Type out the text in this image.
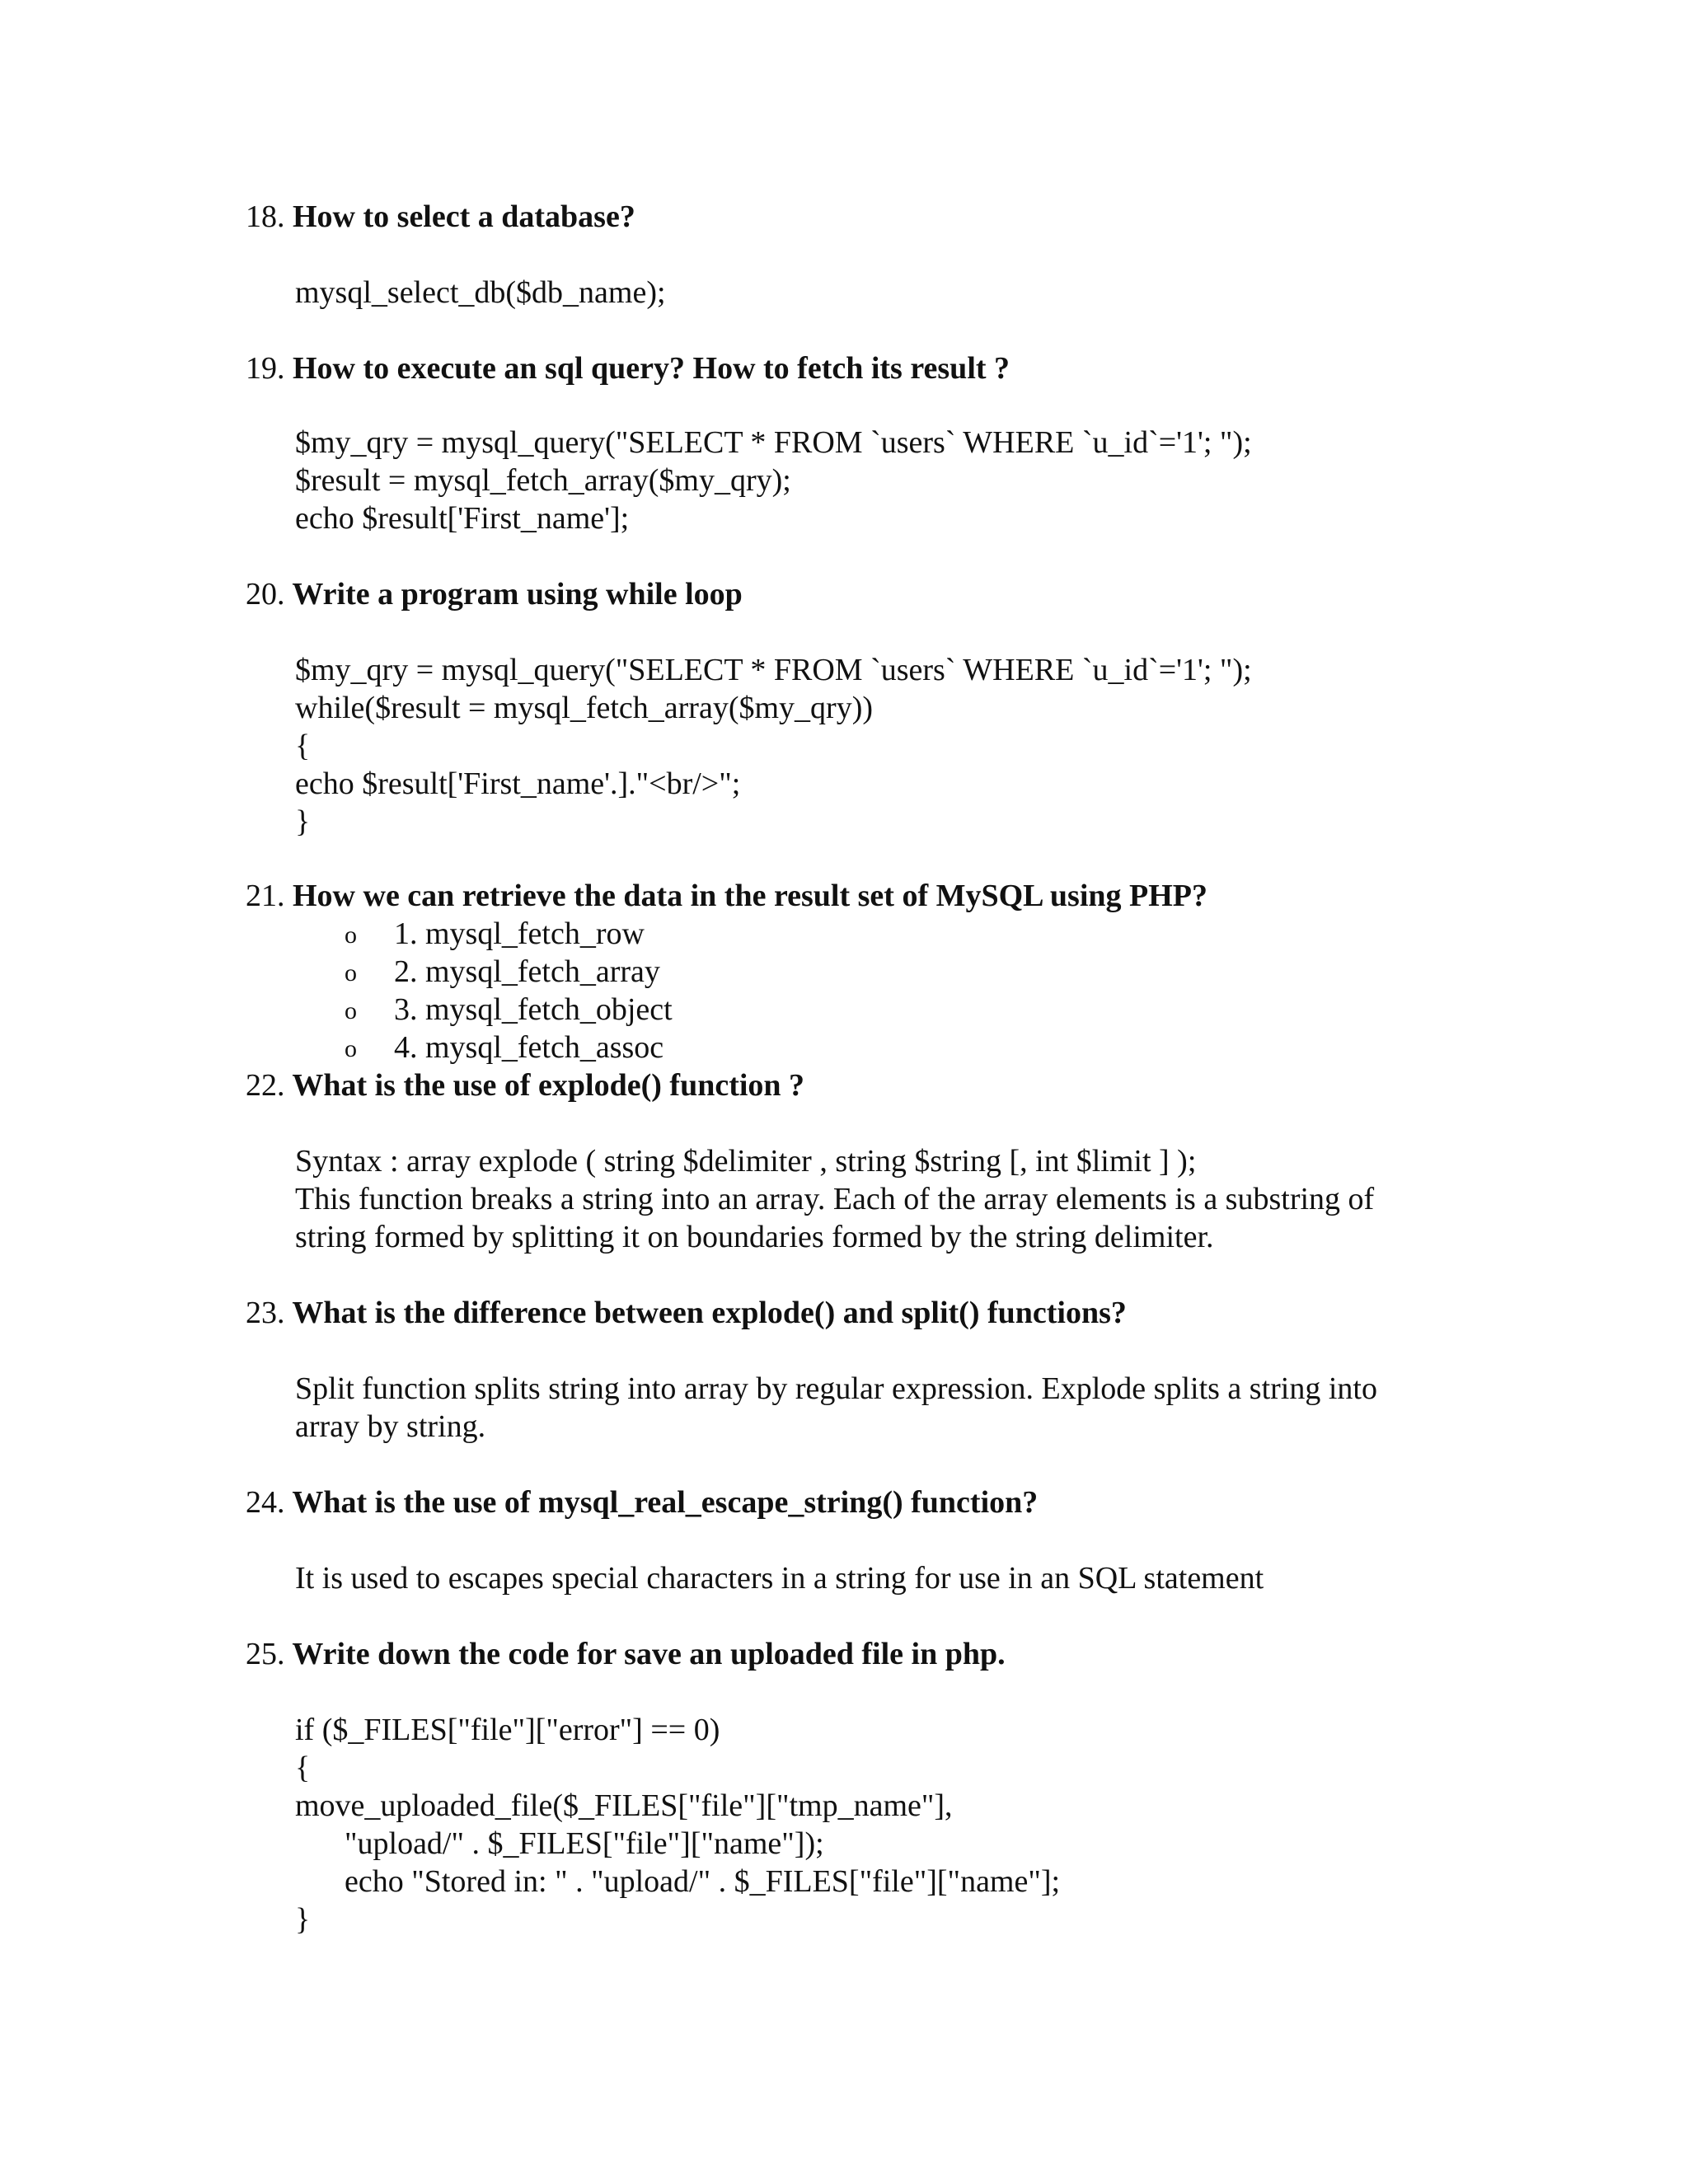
18. How to select a database?
mysql_select_db($db_name);
19. How to execute an sql query? How to fetch its result ?
$my_qry = mysql_query("SELECT * FROM `users` WHERE `u_id`='1'; ");
$result = mysql_fetch_array($my_qry);
echo $result['First_name'];
20. Write a program using while loop
$my_qry = mysql_query("SELECT * FROM `users` WHERE `u_id`='1'; ");
while($result = mysql_fetch_array($my_qry))
{
echo $result['First_name'.]."<br/>";
}
21. How we can retrieve the data in the result set of MySQL using PHP?
o 1. mysql_fetch_row
o 2. mysql_fetch_array
o 3. mysql_fetch_object
o 4. mysql_fetch_assoc
22. What is the use of explode() function ?
Syntax : array explode ( string $delimiter , string $string [, int $limit ] );
This function breaks a string into an array. Each of the array elements is a substring of
string formed by splitting it on boundaries formed by the string delimiter.
23. What is the difference between explode() and split() functions?
Split function splits string into array by regular expression. Explode splits a string into
array by string.
24. What is the use of mysql_real_escape_string() function?
It is used to escapes special characters in a string for use in an SQL statement
25. Write down the code for save an uploaded file in php.
if ($_FILES["file"]["error"] == 0)
{
move_uploaded_file($_FILES["file"]["tmp_name"],
"upload/" . $_FILES["file"]["name"]);
echo "Stored in: " . "upload/" . $_FILES["file"]["name"];
}
